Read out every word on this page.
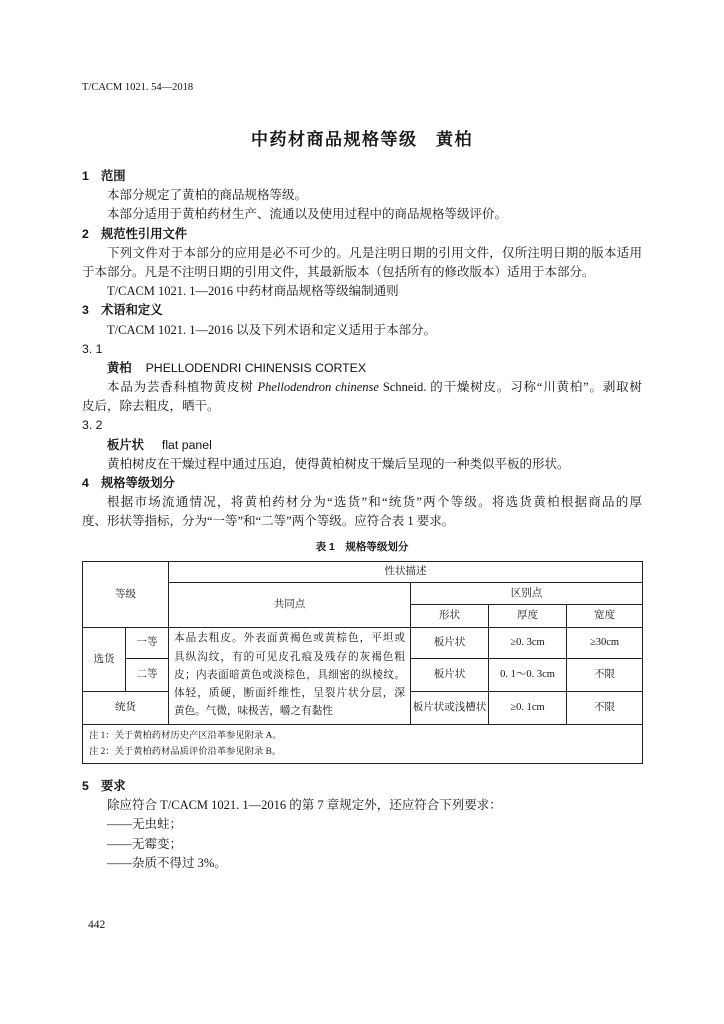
T/CACM 1021. 54—2018
中药材商品规格等级　黄柏
1 范围
本部分规定了黄柏的商品规格等级。
本部分适用于黄柏药材生产、流通以及使用过程中的商品规格等级评价。
2 规范性引用文件
下列文件对于本部分的应用是必不可少的。凡是注明日期的引用文件，仅所注明日期的版本适用
于本部分。凡是不注明日期的引用文件，其最新版本（包括所有的修改版本）适用于本部分。
T/CACM 1021. 1—2016 中药材商品规格等级编制通则
3 术语和定义
T/CACM 1021. 1—2016 以及下列术语和定义适用于本部分。
3. 1
黄柏 PHELLODENDRI CHINENSIS CORTEX
本品为芸香科植物黄皮树 Phellodendron chinense Schneid. 的干燥树皮。习称“川黄柏”。剥取树
皮后，除去粗皮，晒干。
3. 2
板片状 flat panel
黄柏树皮在干燥过程中通过压迫，使得黄柏树皮干燥后呈现的一种类似平板的形状。
4 规格等级划分
根据市场流通情况，将黄柏药材分为“选货”和“统货”两个等级。将选货黄柏根据商品的厚
度、形状等指标，分为“一等”和“二等”两个等级。应符合表 1 要求。
表 1　规格等级划分
等级		性状描述			
		共同点	区别点		
			形状	厚度	宽度
选货	一等	本品去粗皮。外表面黄褐色或黄棕色，平坦或
具纵沟纹，有的可见皮孔痕及残存的灰褐色粗
皮；内表面暗黄色或淡棕色，具细密的纵棱纹。
体轻，质硬，断面纤维性，呈裂片状分层，深
黄色。气微，味极苦，嚼之有黏性	板片状	≥0. 3cm	≥30cm
	二等		板片状	0. 1～0. 3cm	不限
统货			板片状或浅槽状	≥0. 1cm	不限

注 1：关于黄柏药材历史产区沿革参见附录 A。
注 2：关于黄柏药材品质评价沿革参见附录 B。					
5 要求
除应符合 T/CACM 1021. 1—2016 的第 7 章规定外，还应符合下列要求：
——无虫蛀；
——无霉变；
——杂质不得过 3%。
442
